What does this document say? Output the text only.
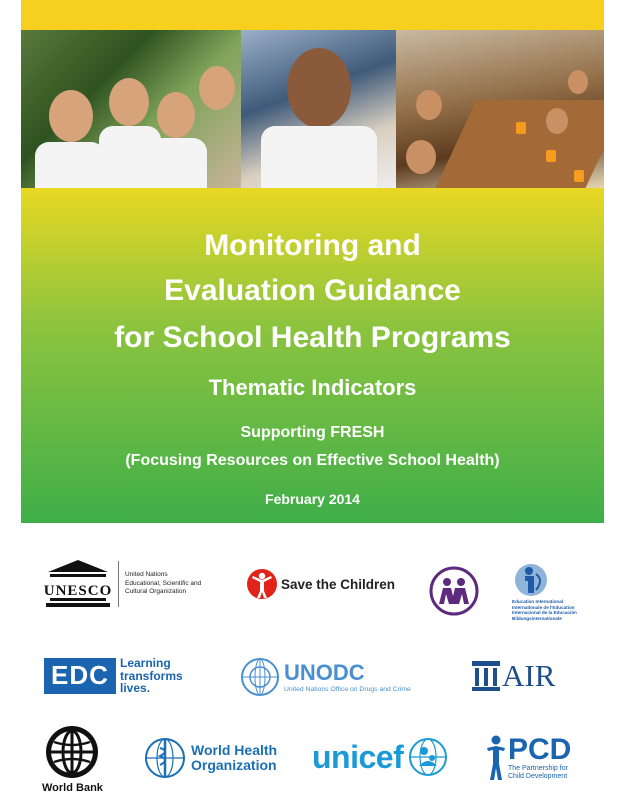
Monitoring and
Evaluation Guidance
for School Health Programs
Thematic Indicators
Supporting FRESH
(Focusing Resources on Effective School Health)
February 2014
UNESCO
United Nations
Educational, Scientific and
Cultural Organization
Save the Children
Education International
Internationale de l'Education
Internacional de la Educación
Bildungsinternationale
EDC Learning
transforms
lives.
UNODC
United Nations Office on Drugs and Crime	AIR
World Bank
World Health
Organization unicef	PCD
The Partnership for
Child Development
